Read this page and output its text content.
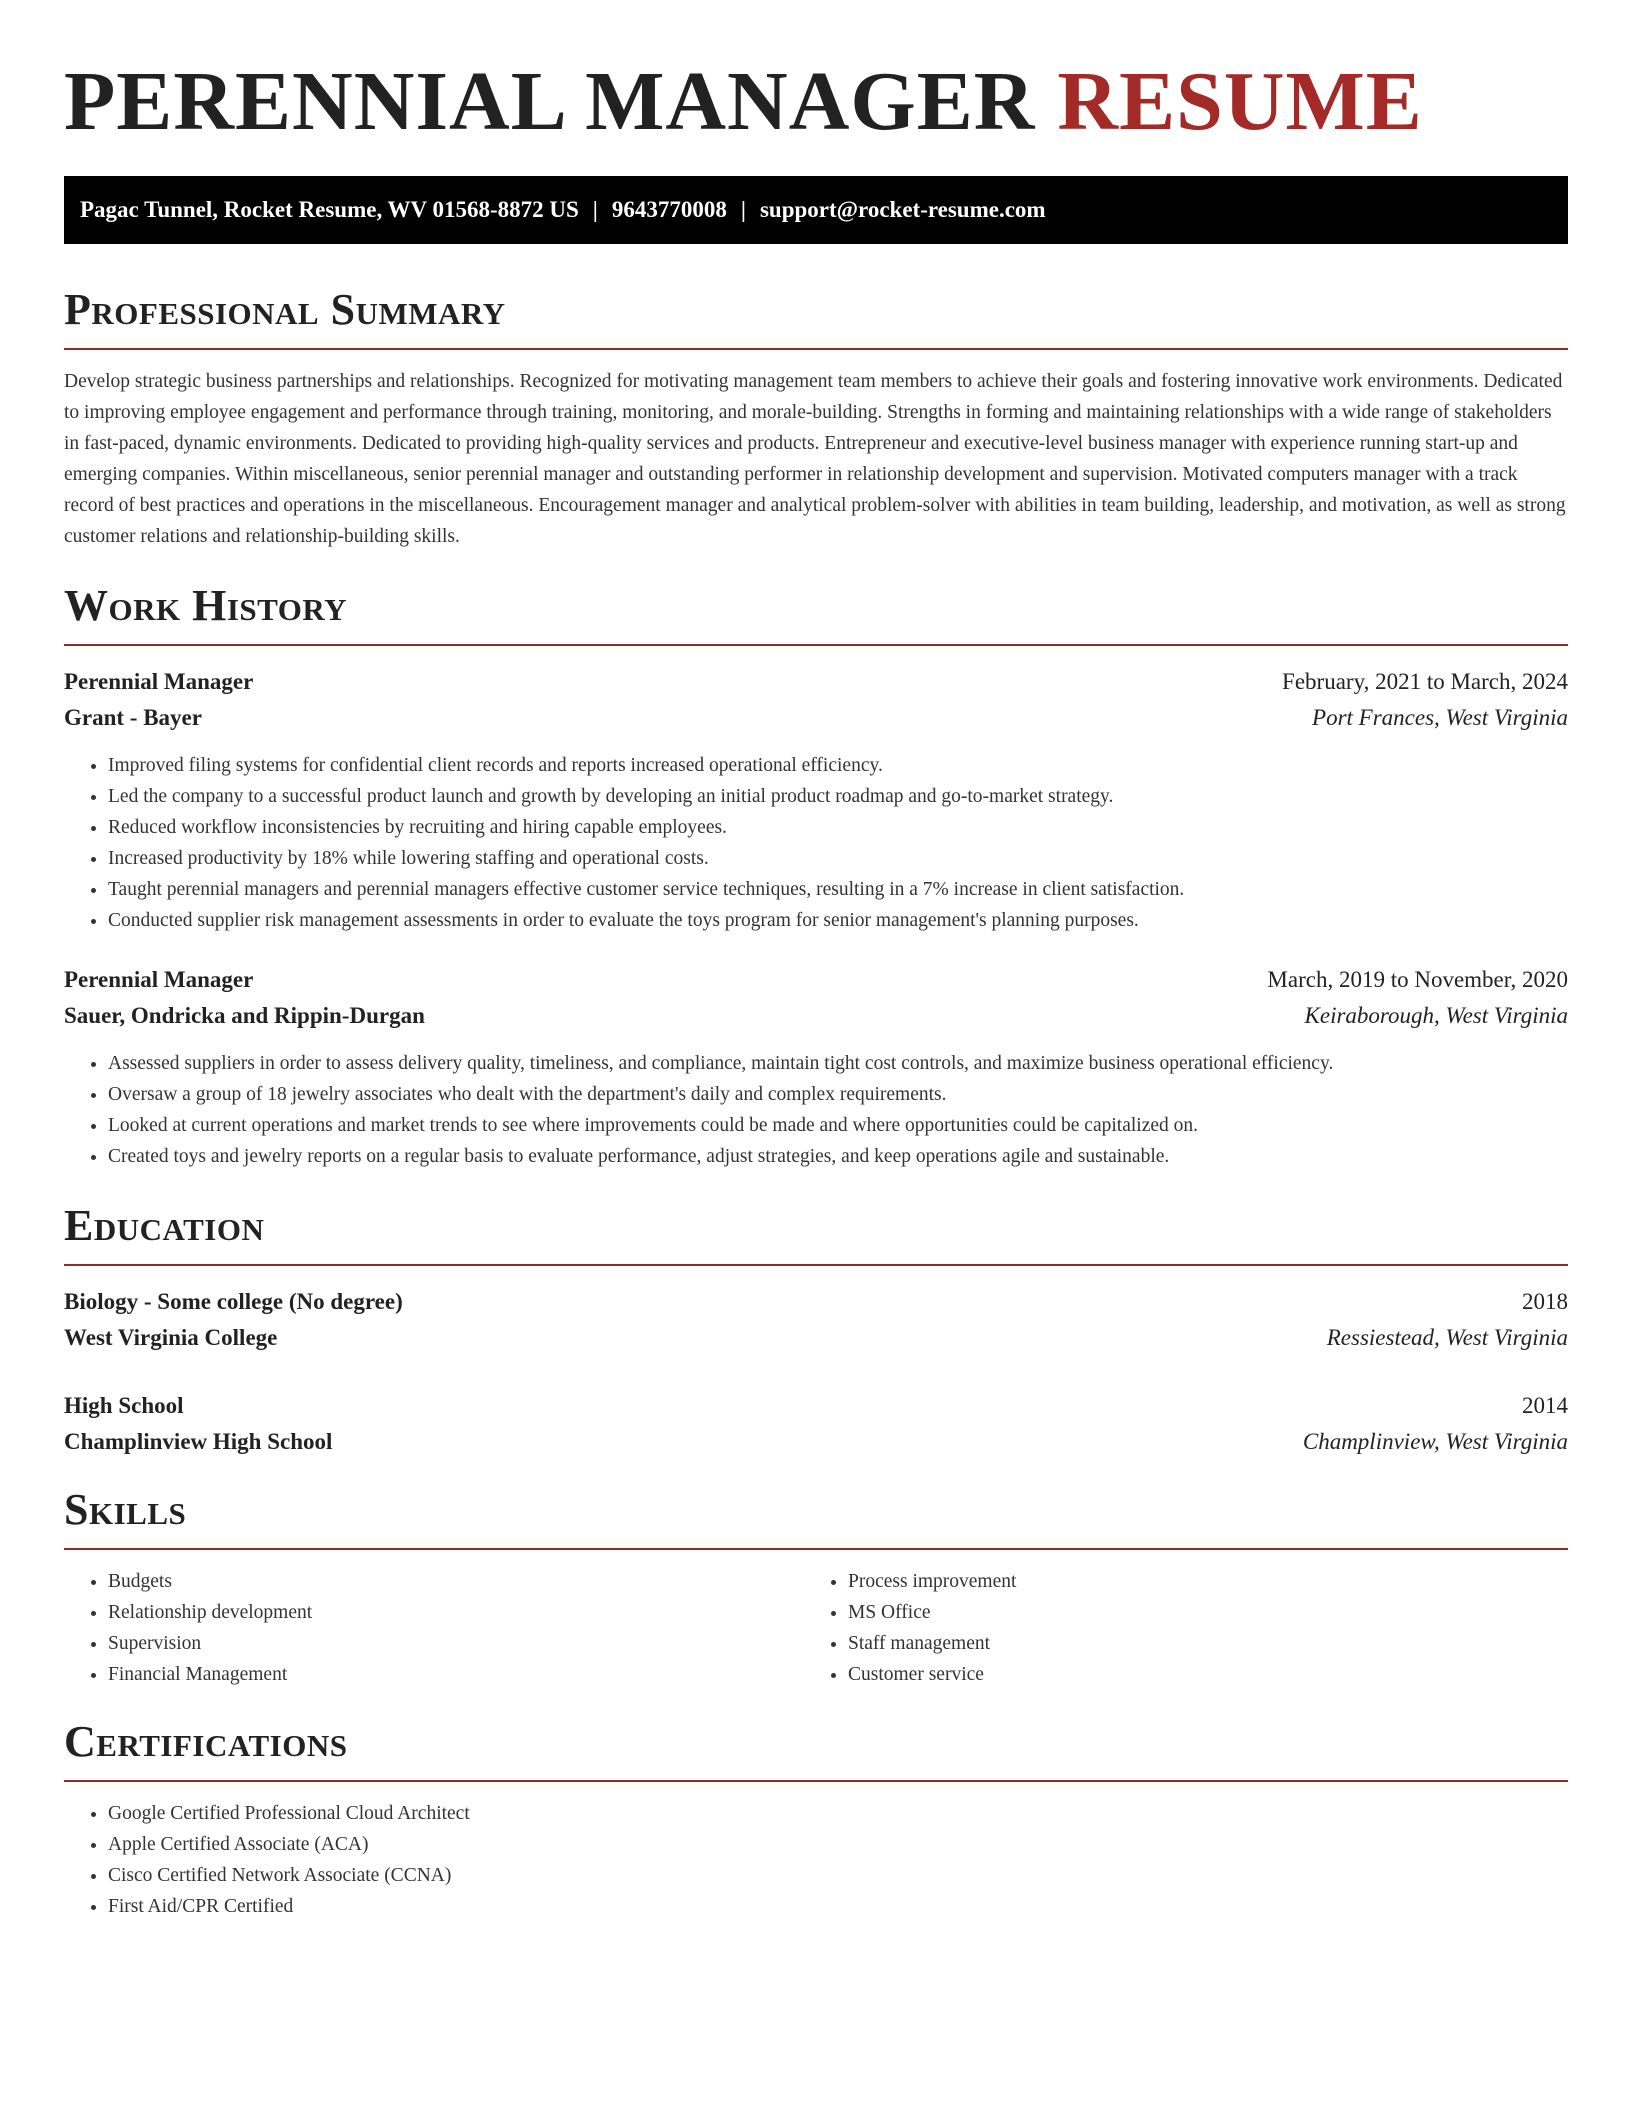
PERENNIAL MANAGER RESUME
Pagac Tunnel, Rocket Resume, WV 01568-8872 US | 9643770008 | support@rocket-resume.com
Professional Summary

Develop strategic business partnerships and relationships. Recognized for motivating management team members to achieve their goals and fostering innovative work environments. Dedicated to improving employee engagement and performance through training, monitoring, and morale-building. Strengths in forming and maintaining relationships with a wide range of stakeholders in fast-paced, dynamic environments. Dedicated to providing high-quality services and products. Entrepreneur and executive-level business manager with experience running start-up and emerging companies. Within miscellaneous, senior perennial manager and outstanding performer in relationship development and supervision. Motivated computers manager with a track record of best practices and operations in the miscellaneous. Encouragement manager and analytical problem-solver with abilities in team building, leadership, and motivation, as well as strong customer relations and relationship-building skills.

Work History
Perennial Manager	February, 2021 to March, 2024
Grant - Bayer	Port Frances, West Virginia
• Improved filing systems for confidential client records and reports increased operational efficiency.
• Led the company to a successful product launch and growth by developing an initial product roadmap and go-to-market strategy.
• Reduced workflow inconsistencies by recruiting and hiring capable employees.
• Increased productivity by 18% while lowering staffing and operational costs.
• Taught perennial managers and perennial managers effective customer service techniques, resulting in a 7% increase in client satisfaction.
• Conducted supplier risk management assessments in order to evaluate the toys program for senior management's planning purposes.
Perennial Manager	March, 2019 to November, 2020
Sauer, Ondricka and Rippin-Durgan	Keiraborough, West Virginia
• Assessed suppliers in order to assess delivery quality, timeliness, and compliance, maintain tight cost controls, and maximize business operational efficiency.
• Oversaw a group of 18 jewelry associates who dealt with the department's daily and complex requirements.
• Looked at current operations and market trends to see where improvements could be made and where opportunities could be capitalized on.
• Created toys and jewelry reports on a regular basis to evaluate performance, adjust strategies, and keep operations agile and sustainable.
Education
Biology - Some college (No degree)	2018
West Virginia College	Ressiestead, West Virginia
High School	2014
Champlinview High School	Champlinview, West Virginia
Skills
• Budgets
• Relationship development
• Supervision
• Financial Management
• Process improvement
• MS Office
• Staff management
• Customer service
Certifications
• Google Certified Professional Cloud Architect
• Apple Certified Associate (ACA)
• Cisco Certified Network Associate (CCNA)
• First Aid/CPR Certified
